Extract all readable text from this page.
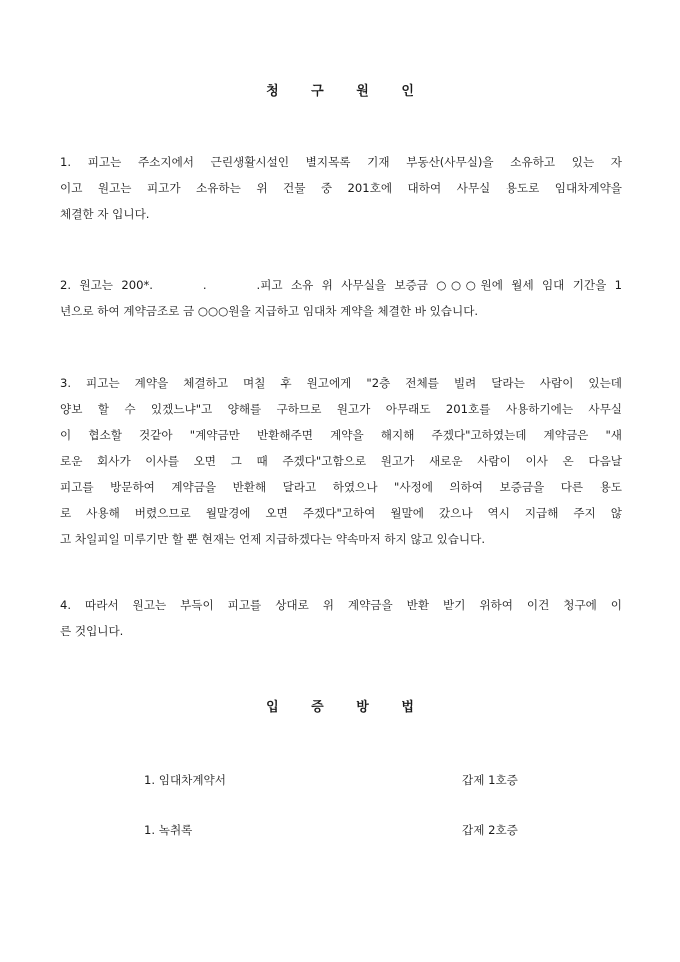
청 구 원 인
1. 피고는 주소지에서 근린생활시설인 별지목록 기재 부동산(사무실)을 소유하고 있는 자
이고 원고는 피고가 소유하는 위 건물 중 201호에 대하여 사무실 용도로 임대차계약을
체결한 자 입니다.
2. 원고는 200*.      .      .피고 소유 위 사무실을 보증금 ○○○원에 월세 임대 기간을 1
년으로 하여 계약금조로 금 ○○○원을 지급하고 임대차 계약을 체결한 바 있습니다.
3. 피고는 계약을 체결하고 며칠 후 원고에게 "2층 전체를 빌려 달라는 사람이 있는데
양보 할 수 있겠느냐"고 양해를 구하므로 원고가 아무래도 201호를 사용하기에는 사무실
이 협소할 것같아 "계약금만 반환해주면 계약을 해지해 주겠다"고하였는데 계약금은 "새
로운 회사가 이사를 오면 그 때 주겠다"고함으로 원고가 새로운 사람이 이사 온 다음날
피고를 방문하여 계약금을 반환해 달라고 하였으나 "사정에 의하여 보증금을 다른 용도
로 사용해 버렸으므로 월말경에 오면 주겠다"고하여 월말에 갔으나 역시 지급해 주지 않
고 차일피일 미루기만 할 뿐 현재는 언제 지급하겠다는 약속마저 하지 않고 있습니다.
4. 따라서 원고는 부득이 피고를 상대로 위 계약금을 반환 받기 위하여 이건 청구에 이
른 것입니다.
입 증 방 법
1. 임대차계약서	갑제 1호증
1. 녹취록	갑제 2호증
